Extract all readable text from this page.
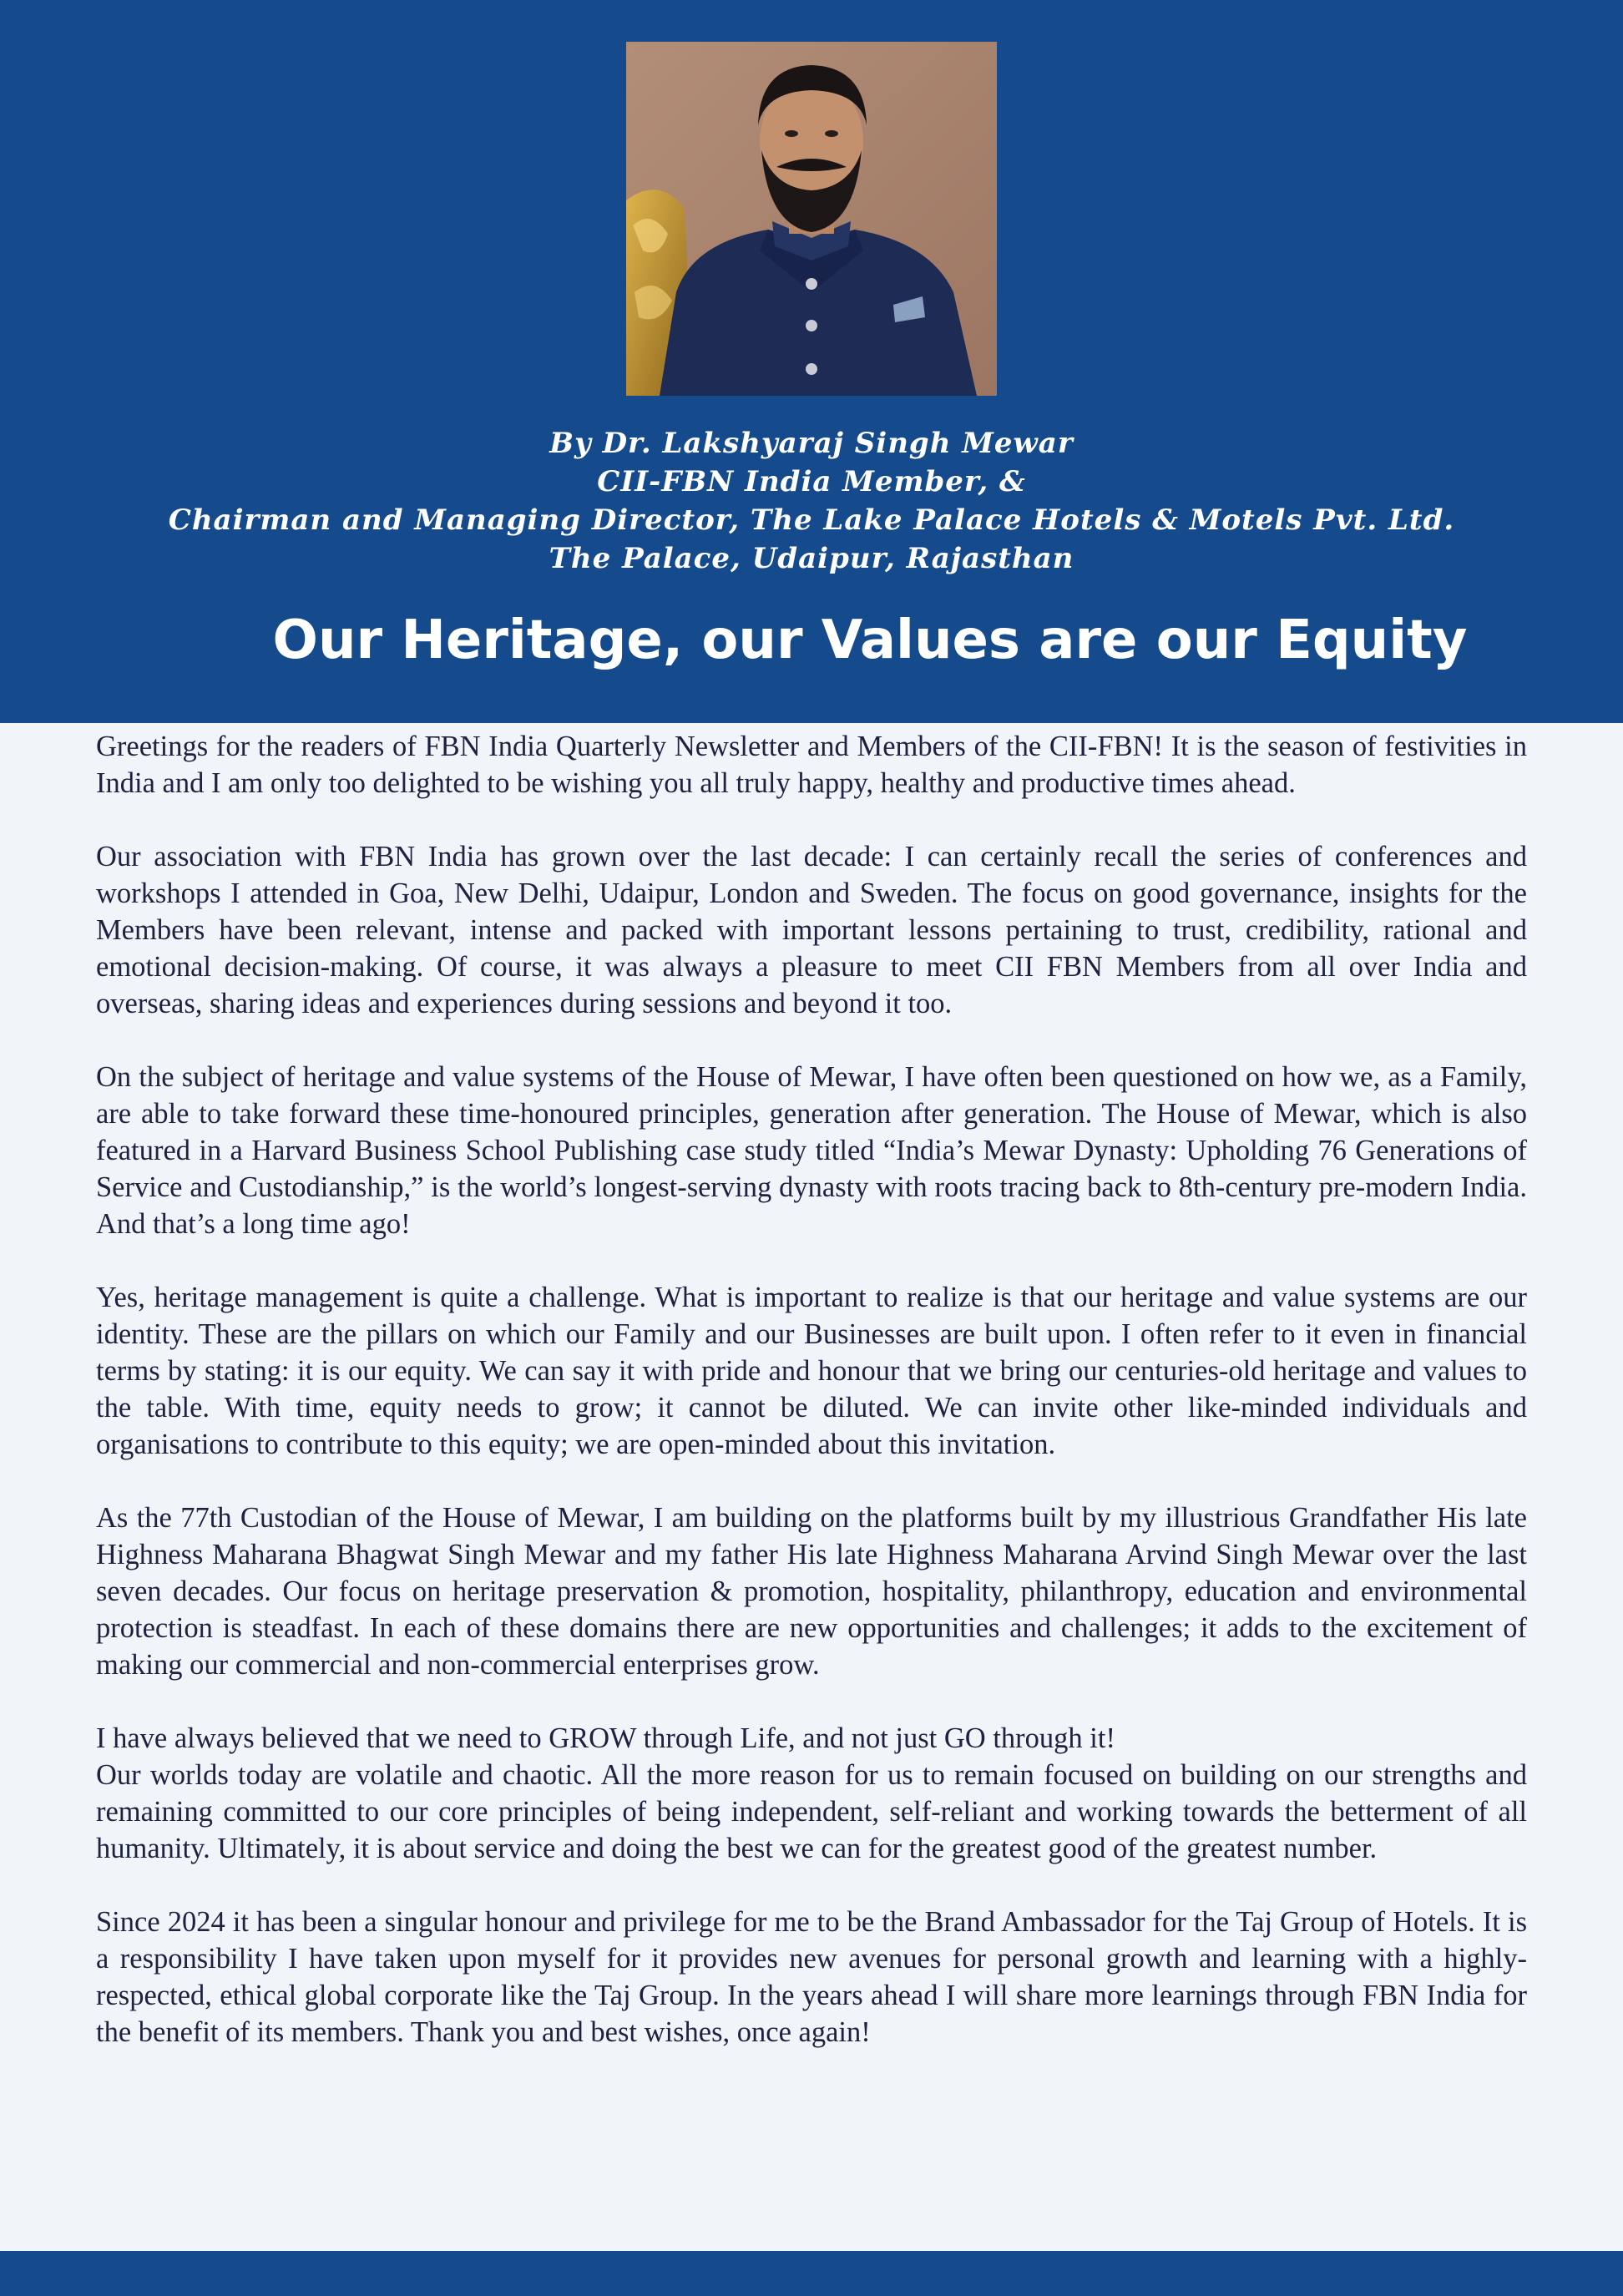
By Dr. Lakshyaraj Singh Mewar
CII-FBN India Member, &
Chairman and Managing Director, The Lake Palace Hotels & Motels Pvt. Ltd.
The Palace, Udaipur, Rajasthan
Our Heritage, our Values are our Equity

Greetings for the readers of FBN India Quarterly Newsletter and Members of the CII-FBN! It is the season of festivities in India and I am only too delighted to be wishing you all truly happy, healthy and productive times ahead.

Our association with FBN India has grown over the last decade: I can certainly recall the series of conferences and workshops I attended in Goa, New Delhi, Udaipur, London and Sweden. The focus on good governance, insights for the Members have been relevant, intense and packed with important lessons pertaining to trust, credibility, rational and emotional decision-making. Of course, it was always a pleasure to meet CII FBN Members from all over India and overseas, sharing ideas and experiences during sessions and beyond it too.

On the subject of heritage and value systems of the House of Mewar, I have often been questioned on how we, as a Family, are able to take forward these time-honoured principles, generation after generation. The House of Mewar, which is also featured in a Harvard Business School Publishing case study titled “India’s Mewar Dynasty: Upholding 76 Generations of Service and Custodianship,” is the world’s longest-serving dynasty with roots tracing back to 8th-century pre-modern India. And that’s a long time ago!

Yes, heritage management is quite a challenge. What is important to realize is that our heritage and value systems are our identity. These are the pillars on which our Family and our Businesses are built upon. I often refer to it even in financial terms by stating: it is our equity. We can say it with pride and honour that we bring our centuries-old heritage and values to the table. With time, equity needs to grow; it cannot be diluted. We can invite other like-minded individuals and organisations to contribute to this equity; we are open-minded about this invitation.

As the 77th Custodian of the House of Mewar, I am building on the platforms built by my illustrious Grandfather His late Highness Maharana Bhagwat Singh Mewar and my father His late Highness Maharana Arvind Singh Mewar over the last seven decades. Our focus on heritage preservation & promotion, hospitality, philanthropy, education and environmental protection is steadfast. In each of these domains there are new opportunities and challenges; it adds to the excitement of making our commercial and non-commercial enterprises grow.

I have always believed that we need to GROW through Life, and not just GO through it!

Our worlds today are volatile and chaotic. All the more reason for us to remain focused on building on our strengths and remaining committed to our core principles of being independent, self-reliant and working towards the betterment of all humanity. Ultimately, it is about service and doing the best we can for the greatest good of the greatest number.

Since 2024 it has been a singular honour and privilege for me to be the Brand Ambassador for the Taj Group of Hotels. It is a responsibility I have taken upon myself for it provides new avenues for personal growth and learning with a highly-respected, ethical global corporate like the Taj Group. In the years ahead I will share more learnings through FBN India for the benefit of its members. Thank you and best wishes, once again!
